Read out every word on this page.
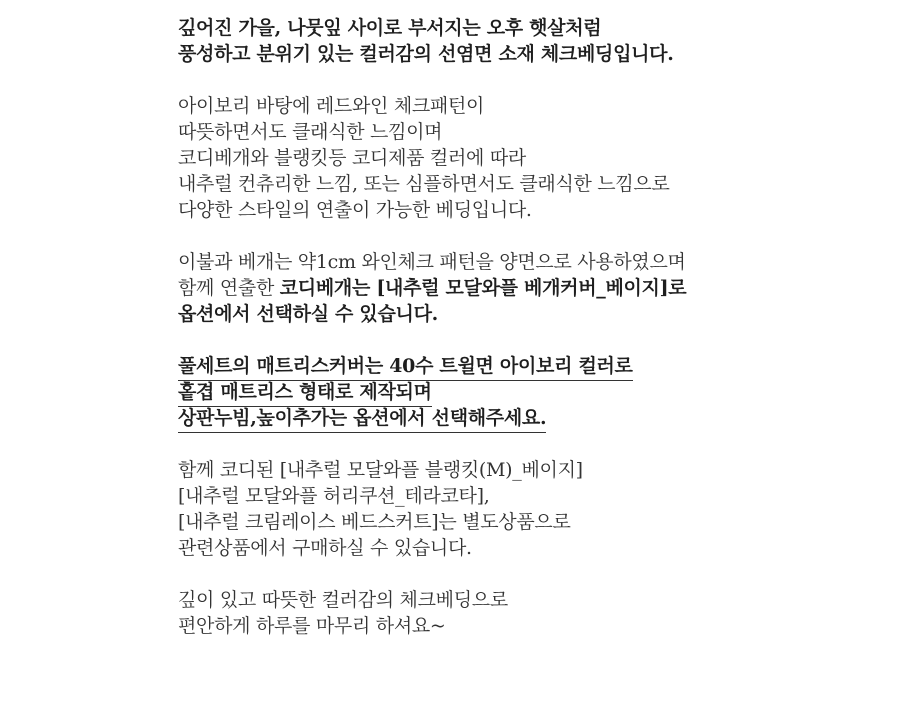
깊어진 가을, 나뭇잎 사이로 부서지는 오후 햇살처럼
풍성하고 분위기 있는 컬러감의 선염면 소재 체크베딩입니다.
아이보리 바탕에 레드와인 체크패턴이
따뜻하면서도 클래식한 느낌이며
코디베개와 블랭킷등 코디제품 컬러에 따라
내추럴 컨츄리한 느낌, 또는 심플하면서도 클래식한 느낌으로
다양한 스타일의 연출이 가능한 베딩입니다.
이불과 베개는 약1cm 와인체크 패턴을 양면으로 사용하였으며
함께 연출한 코디베개는 [내추럴 모달와플 베개커버_베이지]로
옵션에서 선택하실 수 있습니다.
풀세트의 매트리스커버는 40수 트윌면 아이보리 컬러로
홑겹 매트리스 형태로 제작되며
상판누빔,높이추가는 옵션에서 선택해주세요.
함께 코디된 [내추럴 모달와플 블랭킷(M)_베이지]
[내추럴 모달와플 허리쿠션_테라코타],
[내추럴 크림레이스 베드스커트]는 별도상품으로
관련상품에서 구매하실 수 있습니다.
깊이 있고 따뜻한 컬러감의 체크베딩으로
편안하게 하루를 마무리 하셔요~
